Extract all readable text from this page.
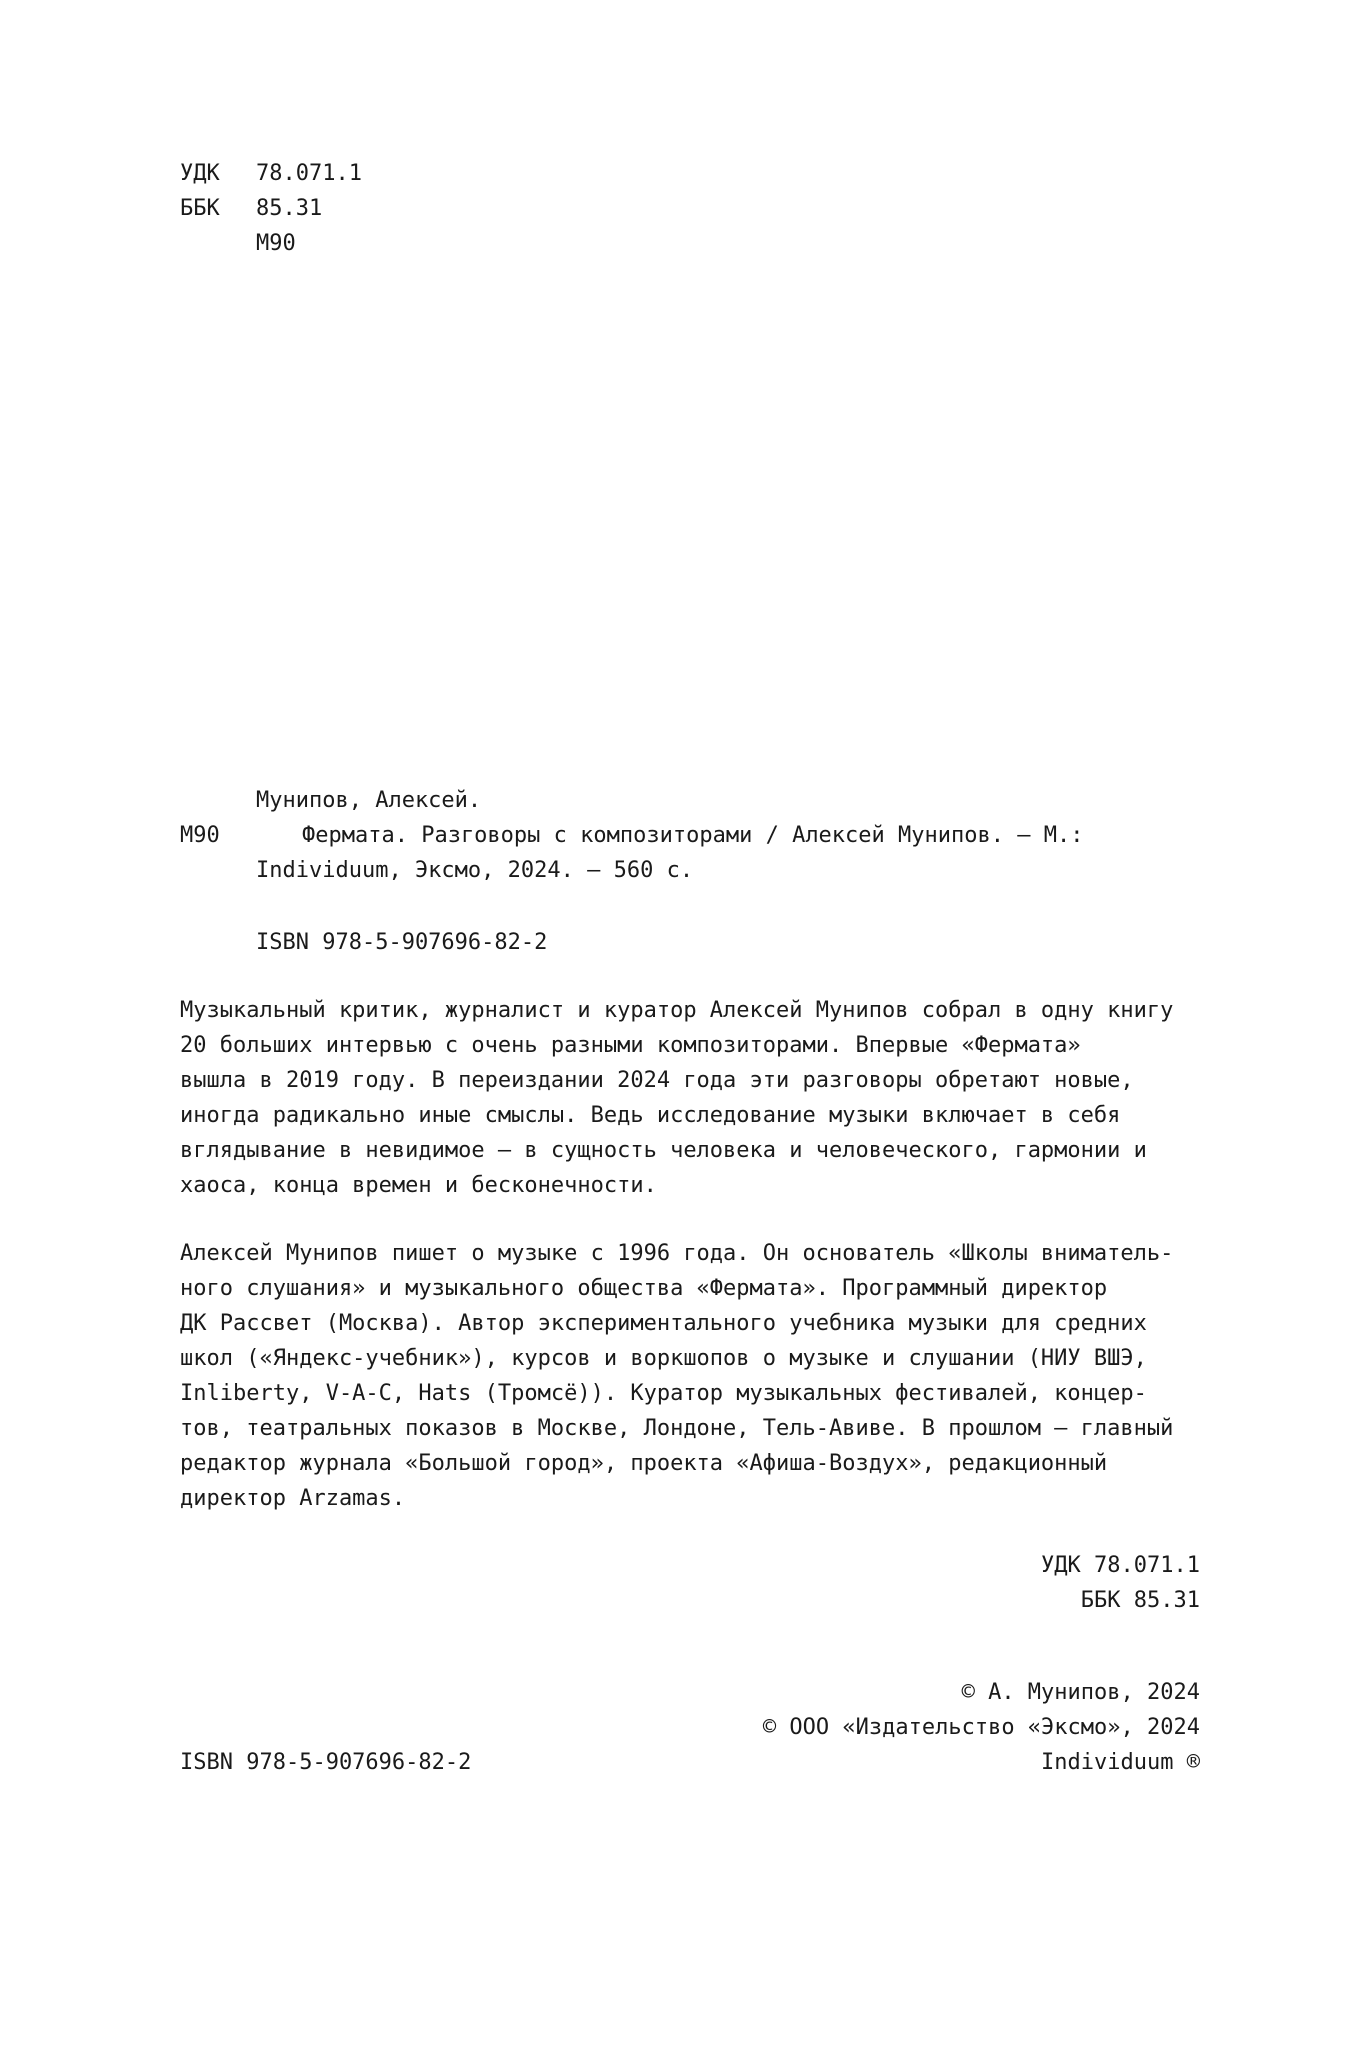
УДК 78.071.1
ББК 85.31
М90
Мунипов, Алексей.
М90	Фермата. Разговоры с композиторами / Алексей Мунипов. – М.:
Individuum, Эксмо, 2024. – 560 с.
ISBN 978-5-907696-82-2
Музыкальный критик, журналист и куратор Алексей Мунипов собрал в одну книгу
20 больших интервью с очень разными композиторами. Впервые «Фермата»
вышла в 2019 году. В переиздании 2024 года эти разговоры обретают новые,
иногда радикально иные смыслы. Ведь исследование музыки включает в себя
вглядывание в невидимое – в сущность человека и человеческого, гармонии и
хаоса, конца времен и бесконечности.
Алексей Мунипов пишет о музыке с 1996 года. Он основатель «Школы вниматель-
ного слушания» и музыкального общества «Фермата». Программный директор
ДК Рассвет (Москва). Автор экспериментального учебника музыки для средних
школ («Яндекс-учебник»), курсов и воркшопов о музыке и слушании (НИУ ВШЭ,
Inliberty, V-A-C, Hats (Тромсё)). Куратор музыкальных фестивалей, концер-
тов, театральных показов в Москве, Лондоне, Тель-Авиве. В прошлом – главный
редактор журнала «Большой город», проекта «Афиша-Воздух», редакционный
директор Arzamas.
УДК 78.071.1
ББК 85.31
© А. Мунипов, 2024
© ООО «Издательство «Эксмо», 2024
Individuum ®
ISBN 978-5-907696-82-2
